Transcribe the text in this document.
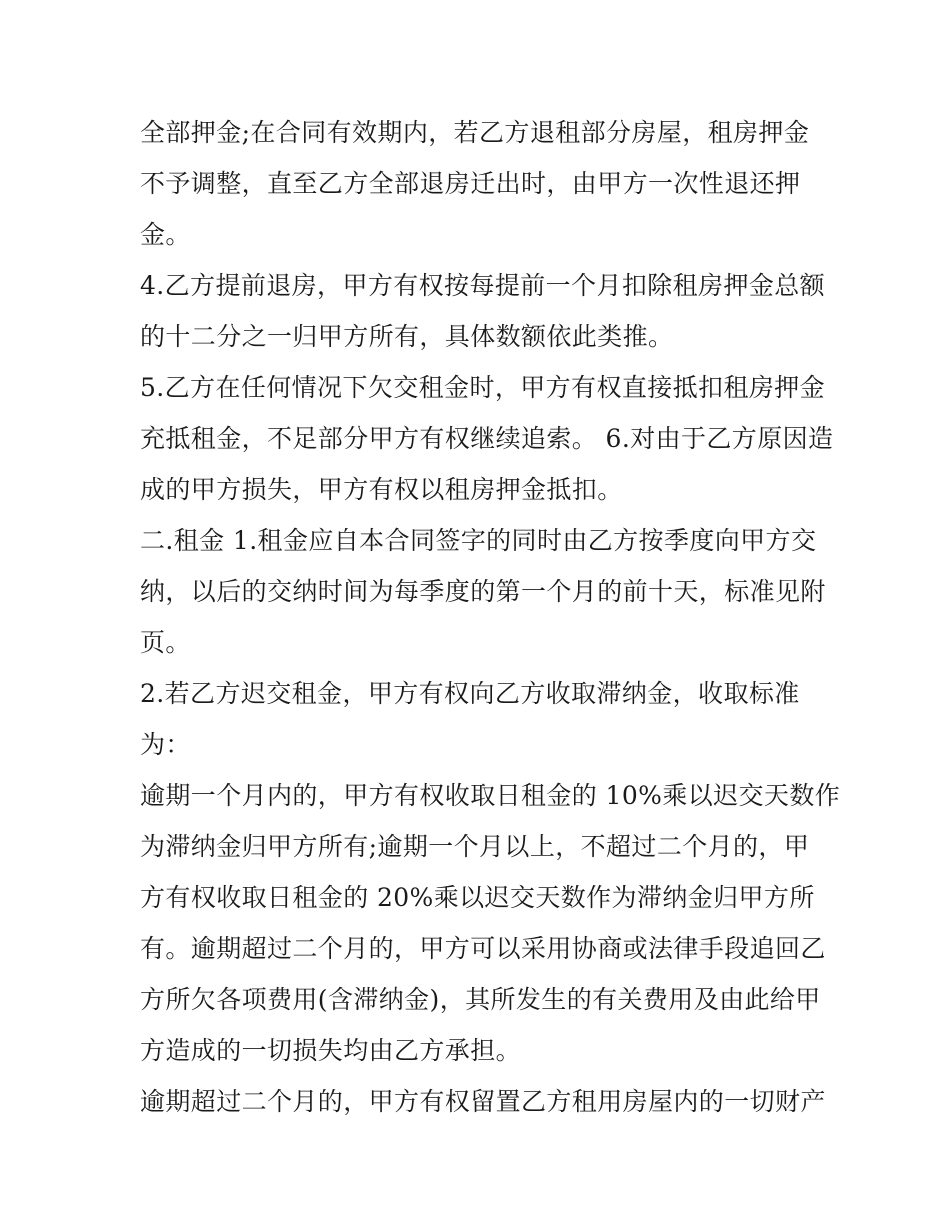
全部押金;在合同有效期内，若乙方退租部分房屋，租房押金
不予调整，直至乙方全部退房迁出时，由甲方一次性退还押
金。
4.乙方提前退房，甲方有权按每提前一个月扣除租房押金总额
的十二分之一归甲方所有，具体数额依此类推。
5.乙方在任何情况下欠交租金时，甲方有权直接抵扣租房押金
充抵租金，不足部分甲方有权继续追索。 6.对由于乙方原因造
成的甲方损失，甲方有权以租房押金抵扣。
二.租金 1.租金应自本合同签字的同时由乙方按季度向甲方交
纳，以后的交纳时间为每季度的第一个月的前十天，标准见附
页。
2.若乙方迟交租金，甲方有权向乙方收取滞纳金，收取标准
为：
逾期一个月内的，甲方有权收取日租金的 10%乘以迟交天数作
为滞纳金归甲方所有;逾期一个月以上，不超过二个月的，甲
方有权收取日租金的 20%乘以迟交天数作为滞纳金归甲方所
有。逾期超过二个月的，甲方可以采用协商或法律手段追回乙
方所欠各项费用(含滞纳金)，其所发生的有关费用及由此给甲
方造成的一切损失均由乙方承担。
逾期超过二个月的，甲方有权留置乙方租用房屋内的一切财产
